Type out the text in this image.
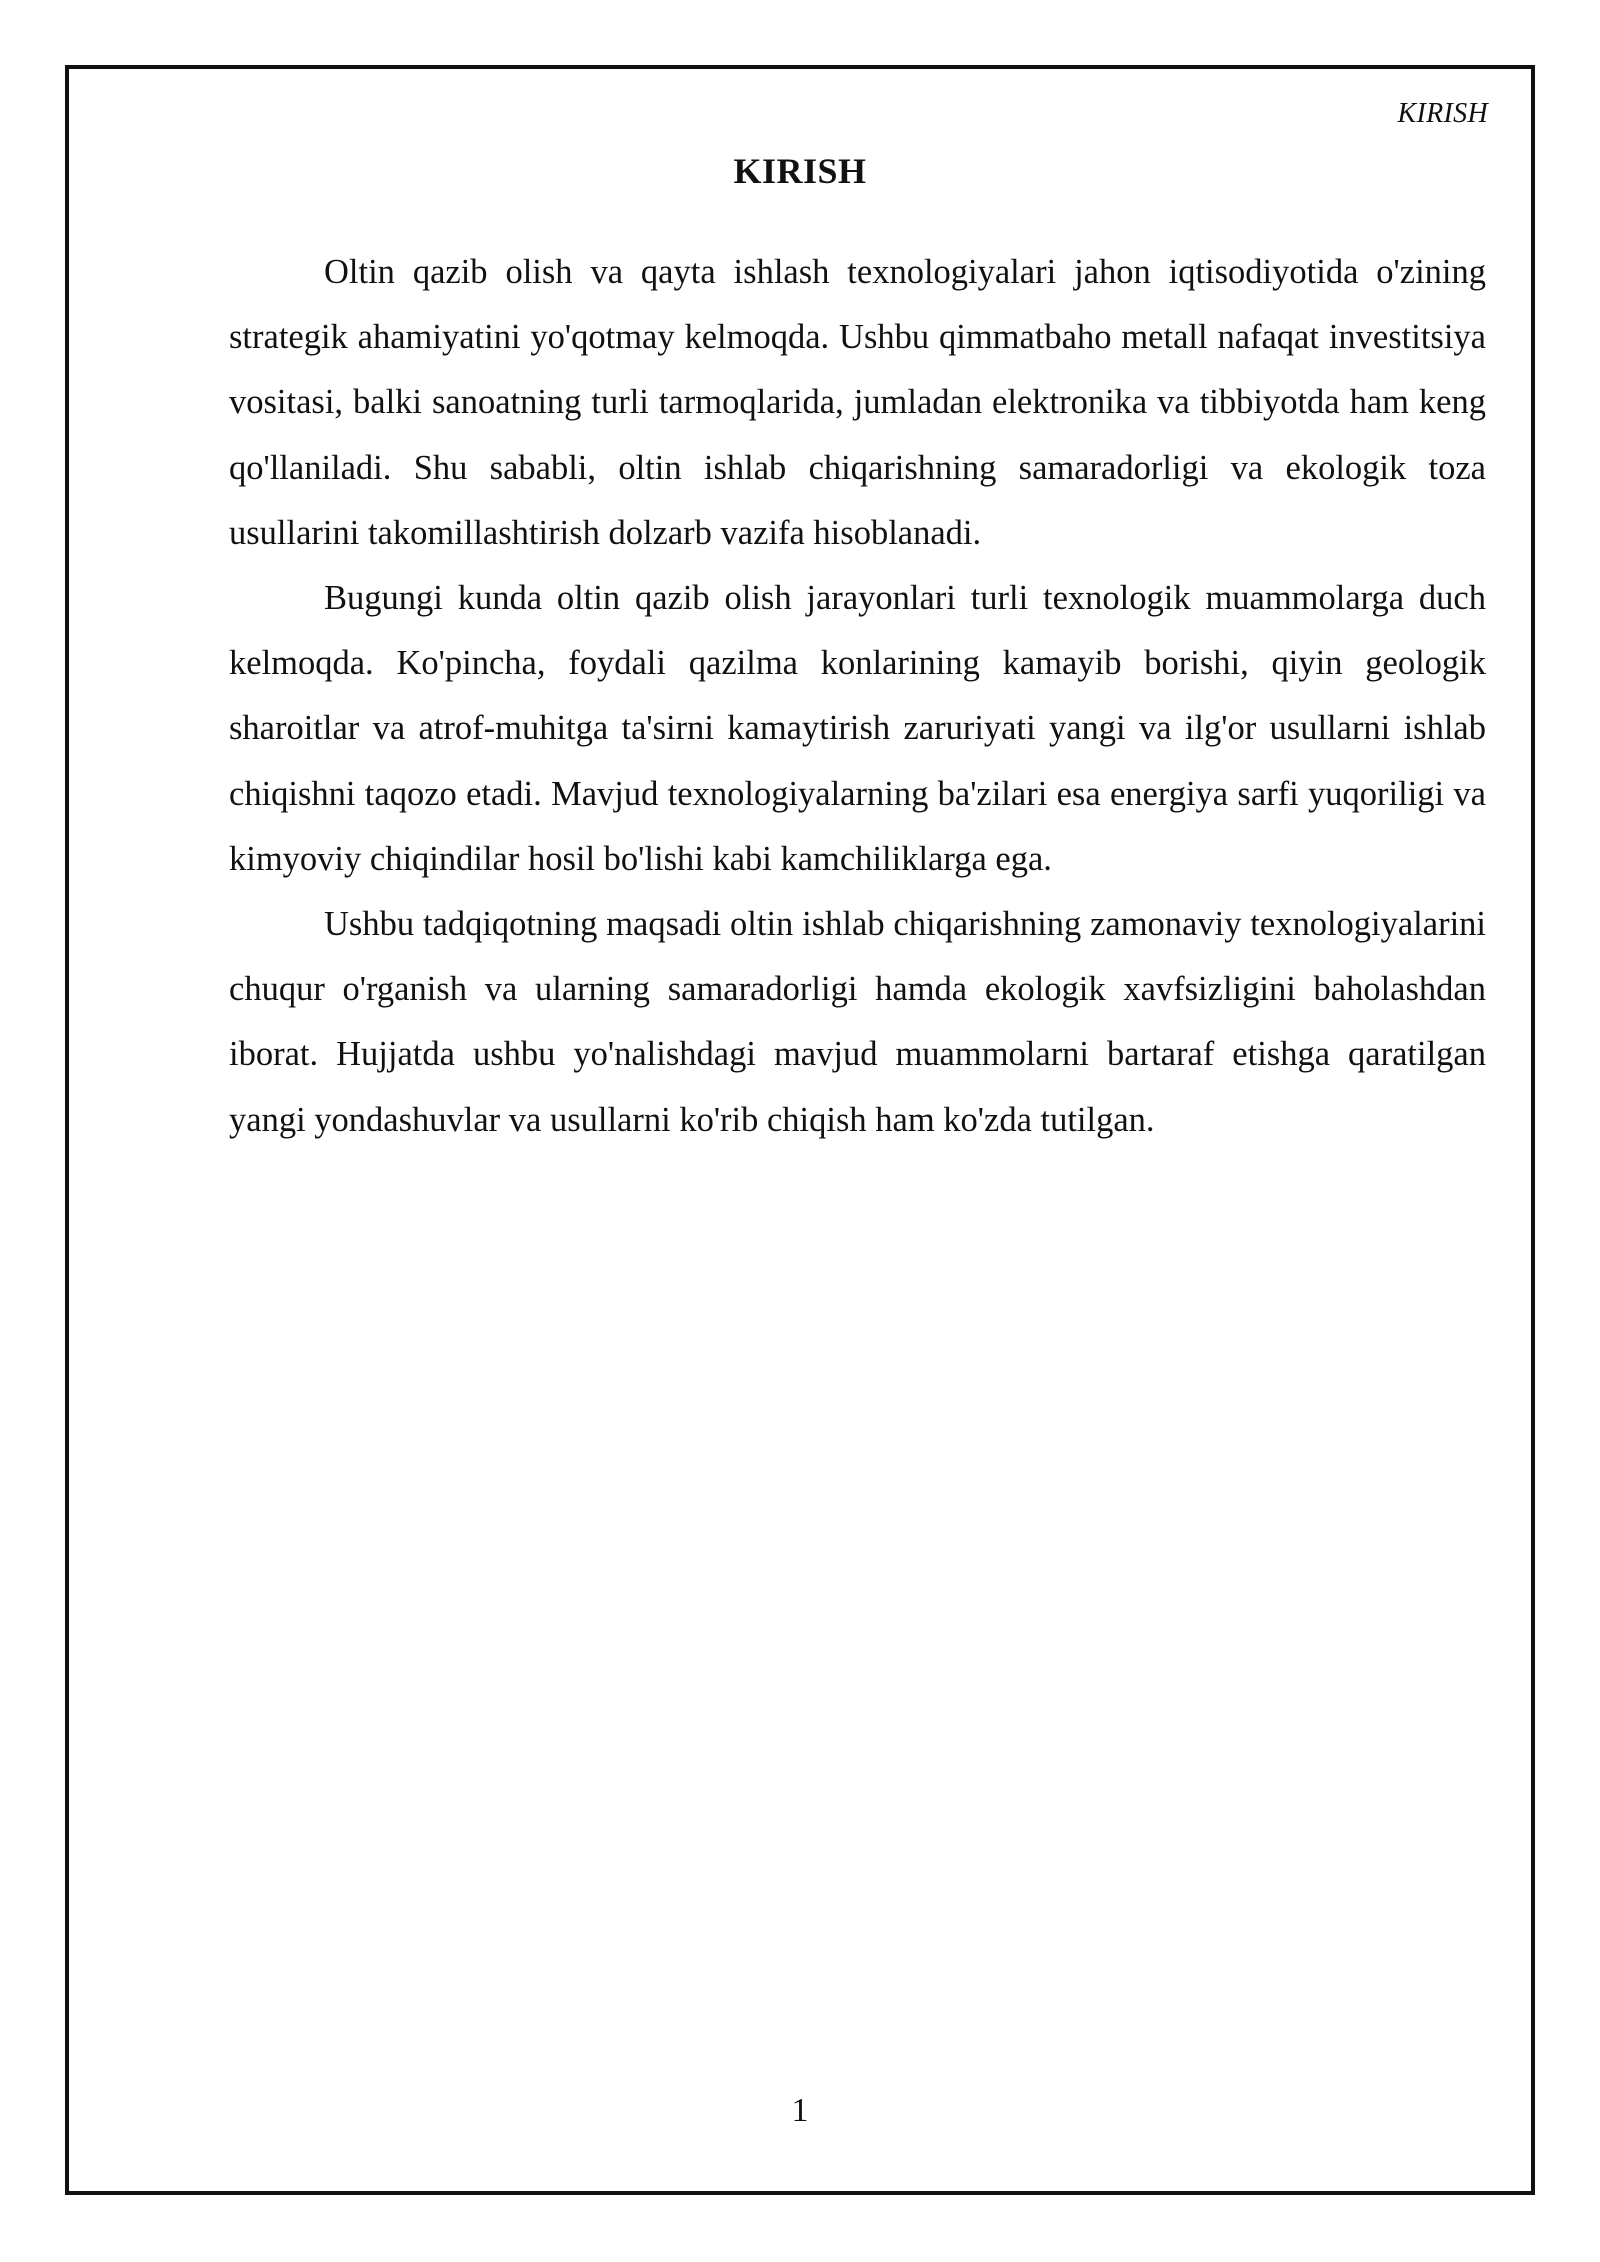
KIRISH
KIRISH

Oltin qazib olish va qayta ishlash texnologiyalari jahon iqtisodiyotida o'zining strategik ahamiyatini yo'qotmay kelmoqda. Ushbu qimmatbaho metall nafaqat investitsiya vositasi, balki sanoatning turli tarmoqlarida, jumladan elektronika va tibbiyotda ham keng qo'llaniladi. Shu sababli, oltin ishlab chiqarishning samaradorligi va ekologik toza usullarini takomillashtirish dolzarb vazifa hisoblanadi.

Bugungi kunda oltin qazib olish jarayonlari turli texnologik muammolarga duch kelmoqda. Ko'pincha, foydali qazilma konlarining kamayib borishi, qiyin geologik sharoitlar va atrof-muhitga ta'sirni kamaytirish zaruriyati yangi va ilg'or usullarni ishlab chiqishni taqozo etadi. Mavjud texnologiyalarning ba'zilari esa energiya sarfi yuqoriligi va kimyoviy chiqindilar hosil bo'lishi kabi kamchiliklarga ega.

Ushbu tadqiqotning maqsadi oltin ishlab chiqarishning zamonaviy texnologiyalarini chuqur o'rganish va ularning samaradorligi hamda ekologik xavfsizligini baholashdan iborat. Hujjatda ushbu yo'nalishdagi mavjud muammolarni bartaraf etishga qaratilgan yangi yondashuvlar va usullarni ko'rib chiqish ham ko'zda tutilgan.

1
